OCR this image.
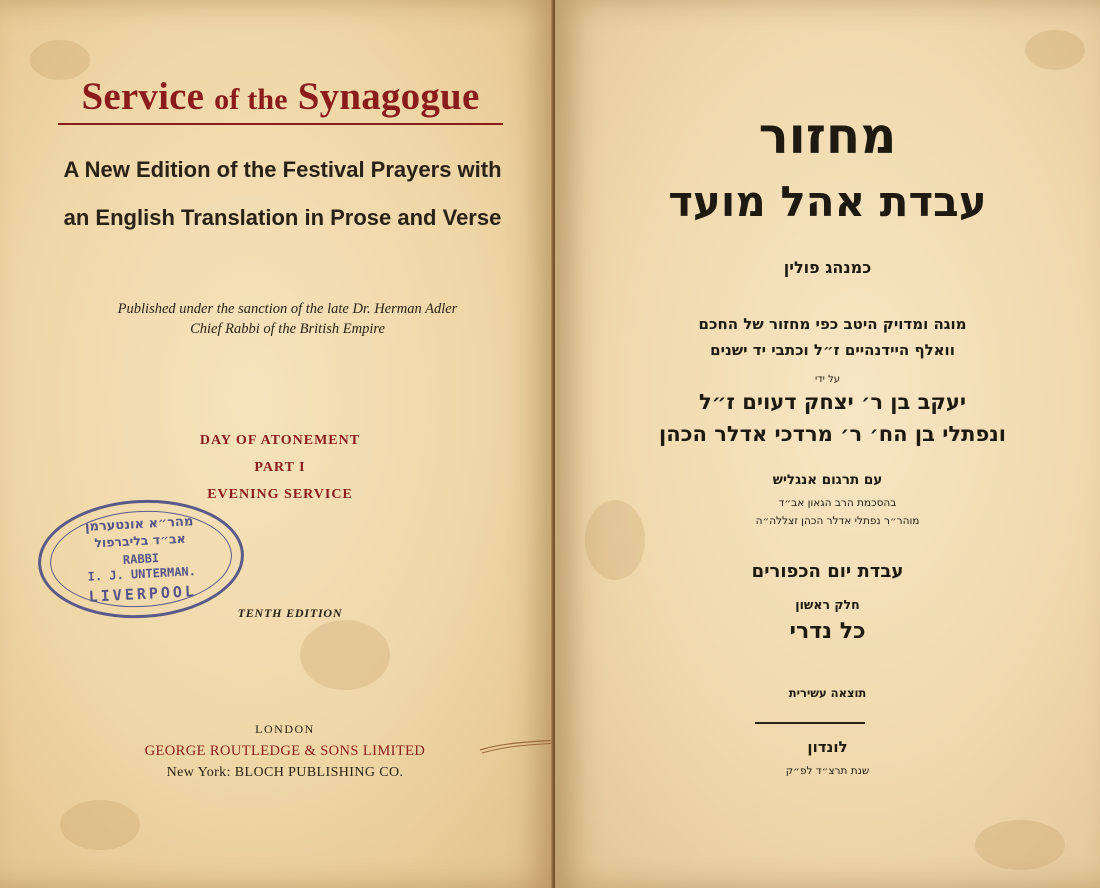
Service of the Synagogue
A New Edition of the Festival Prayers with
an English Translation in Prose and Verse
Published under the sanction of the late Dr. Herman Adler
Chief Rabbi of the British Empire
DAY OF ATONEMENT
PART I
EVENING SERVICE
מהר״א אונטערמן
אב״ד בליברפול
RABBI
I. J. UNTERMAN.
LIVERPOOL
TENTH EDITION
LONDON
GEORGE ROUTLEDGE & SONS LIMITED
New York: BLOCH PUBLISHING CO.
מחזור
עבדת אהל מועד
כמנהג פולין
מוגה ומדויק היטב כפי מחזור של החכם
וואלף היידנהיים ז״ל וכתבי יד ישנים
על ידי
יעקב בן ר׳ יצחק דעוים ז״ל
ונפתלי בן הח׳ ר׳ מרדכי אדלר הכהן
עם תרגום אנגליש
בהסכמת הרב הגאון אב״ד
מוהר״ר נפתלי אדלר הכהן זצללה״ה
עבדת יום הכפורים
חלק ראשון
כל נדרי
תוצאה עשירית
לונדון
שנת תרצ״ד לפ״ק
